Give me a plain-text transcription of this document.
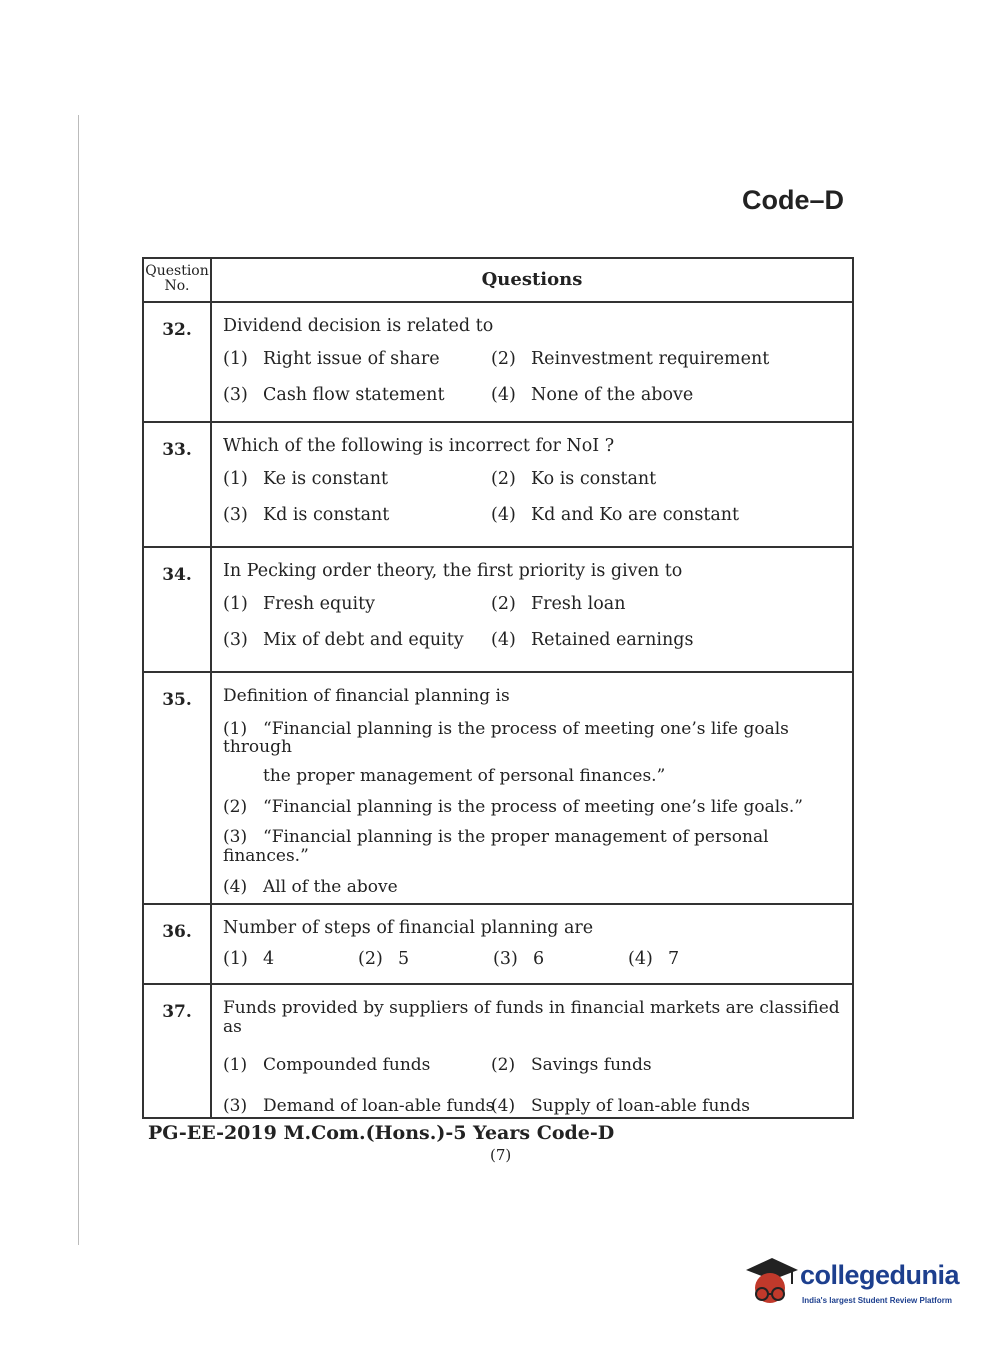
Code–D
Question No.	Questions
32.	Dividend decision is related to
(1) Right issue of share	(2) Reinvestment requirement
(3) Cash flow statement	(4) None of the above
33.	Which of the following is incorrect for NoI ?
(1) Ke is constant	(2) Ko is constant
(3) Kd is constant	(4) Kd and Ko are constant
34.	In Pecking order theory, the first priority is given to
(1) Fresh equity	(2) Fresh loan
(3) Mix of debt and equity	(4) Retained earnings
35.	Definition of financial planning is
(1) “Financial planning is the process of meeting one’s life goals through
the proper management of personal finances.”
(2) “Financial planning is the process of meeting one’s life goals.”
(3) “Financial planning is the proper management of personal finances.”
(4) All of the above
36.	Number of steps of financial planning are
(1) 4	(2) 5	(3) 6	(4) 7
37.	Funds provided by suppliers of funds in financial markets are classified as
(1) Compounded funds	(2) Savings funds
(3) Demand of loan-able funds
(4) Supply of loan-able funds
PG-EE-2019 M.Com.(Hons.)-5 Years Code-D
(7)
collegedunia
India's largest Student Review Platform
